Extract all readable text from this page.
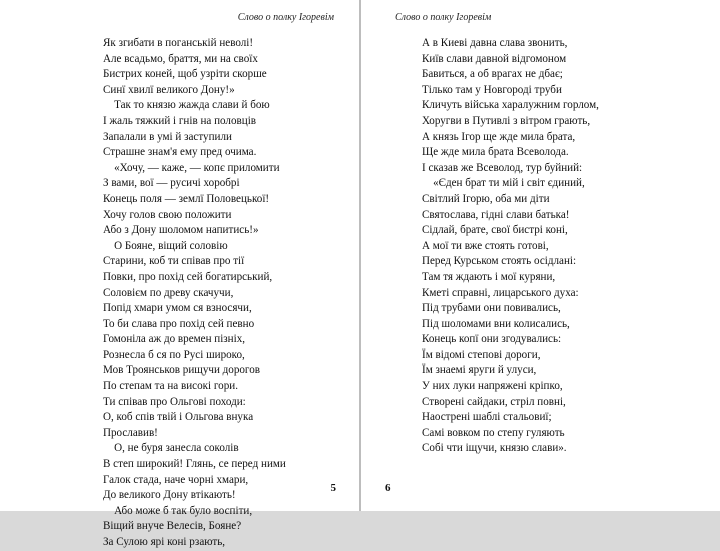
Слово о полку Ігоревім
Як згибати в поганській неволі!
Але всадьмо, браття, ми на своїх
Бистрих коней, щоб узріти скорше
Синї хвилї великого Дону!»
Так то князю жажда слави й бою
І жаль тяжкий і гнів на половців
Запалали в умі й заступили
Страшне знам'я ему пред очима.
«Хочу, — каже, — копє приломити
З вами, вої — русичі хоробрі
Конець поля — землї Половецької!
Хочу голов свою положити
Або з Дону шоломом напитись!»
О Бояне, віщий соловію
Старини, коб ти співав про тії
Повки, про похід сей богатирський,
Соловієм по древу скачучи,
Попід хмари умом ся взносячи,
То би слава про похід сей певно
Гомоніла аж до времен пізніх,
Рознесла б ся по Русі широко,
Мов Троянськов рищучи дорогов
По степам та на високі гори.
Ти співав про Ольгові походи:
О, коб спів твій і Ольгова внука
Прославив!
О, не буря занесла соколів
В степ широкий! Глянь, се перед ними
Галок стада, наче чорні хмари,
До великого Дону втікають!
Або може б так було воспіти,
Віщий внуче Велесів, Бояне?
За Сулою ярі коні рзають,
5
Слово о полку Ігоревім
А в Киеві давна слава звонить,
Київ слави давной відгомоном
Бавиться, а об врагах не дбає;
Тілько там у Новгороді труби
Кличуть війська харалужним горлом,
Хоругви в Путивлі з вітром грають,
А князь Ігор ще жде мила брата,
Ще жде мила брата Всеволода.
І сказав же Всеволод, тур буйний:
«Єден брат ти мій і світ єдиний,
Світлий Ігорю, оба ми діти
Святослава, гідні слави батька!
Сідлай, брате, свої бистрі коні,
А мої ти вже стоять готові,
Перед Курськом стоять осідлані:
Там тя ждають і мої куряни,
Кметі справні, лицарського духа:
Під трубами они повивались,
Під шоломами вни колисались,
Конець копї они згодувались:
Їм відомі степові дороги,
Їм знаемі яруги й улуси,
У них луки напряжені кріпко,
Створені сайдаки, стріл повні,
Наострені шаблі стальовиї;
Самі вовком по степу гуляють
Собі чти іщучи, князю слави».
6
